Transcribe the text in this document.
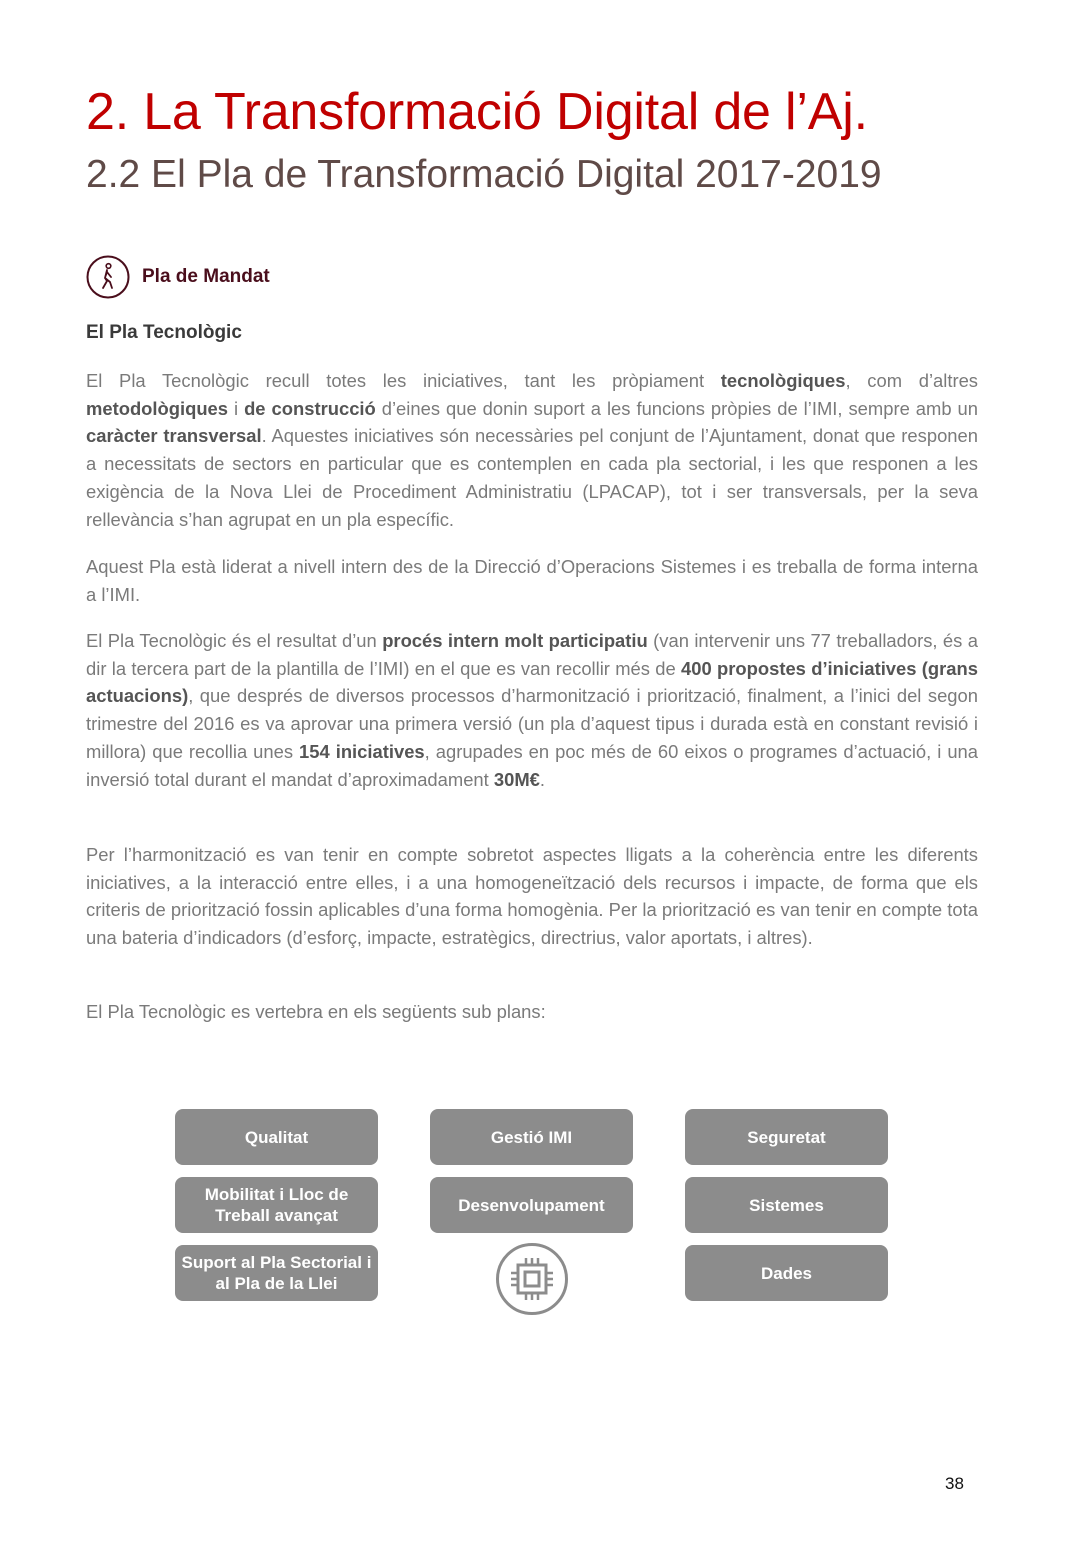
2. La Transformació Digital de l’Aj.
2.2 El Pla de Transformació Digital 2017-2019
Pla de Mandat
El Pla Tecnològic
El Pla Tecnològic recull totes les iniciatives, tant les pròpiament tecnològiques, com d’altres metodològiques i de construcció d’eines que donin suport a les funcions pròpies de l’IMI, sempre amb un caràcter transversal. Aquestes iniciatives són necessàries pel conjunt de l’Ajuntament, donat que responen a necessitats de sectors en particular que es contemplen en cada pla sectorial, i les que responen a les exigència de la Nova Llei de Procediment Administratiu (LPACAP), tot i ser transversals, per la seva rellevància s’han agrupat en un pla específic.
Aquest Pla està liderat a nivell intern des de la Direcció d’Operacions Sistemes i es treballa de forma interna a l’IMI.
El Pla Tecnològic és el resultat d’un procés intern molt participatiu (van intervenir uns 77 treballadors, és a dir la tercera part de la plantilla de l’IMI) en el que es van recollir més de 400 propostes d’iniciatives (grans actuacions), que després de diversos processos d’harmonització i priorització, finalment, a l’inici del segon trimestre del 2016 es va aprovar una primera versió (un pla d’aquest tipus i durada està en constant revisió i millora) que recollia unes 154 iniciatives, agrupades en poc més de 60 eixos o programes d’actuació, i una inversió total durant el mandat d’aproximadament 30M€.
Per l’harmonització es van tenir en compte sobretot aspectes lligats a la coherència entre les diferents iniciatives, a la interacció entre elles, i a una homogeneïtzació dels recursos i impacte, de forma que els criteris de priorització fossin aplicables d’una forma homogènia. Per la priorització es van tenir en compte tota una bateria d’indicadors (d’esforç, impacte, estratègics, directrius, valor aportats, i altres).
El Pla Tecnològic es vertebra en els següents sub plans:
Qualitat	Gestió IMI	Seguretat
Mobilitat i Lloc de Treball avançat
Desenvolupament	Sistemes
Suport al Pla Sectorial i al Pla de la Llei
Dades
38
